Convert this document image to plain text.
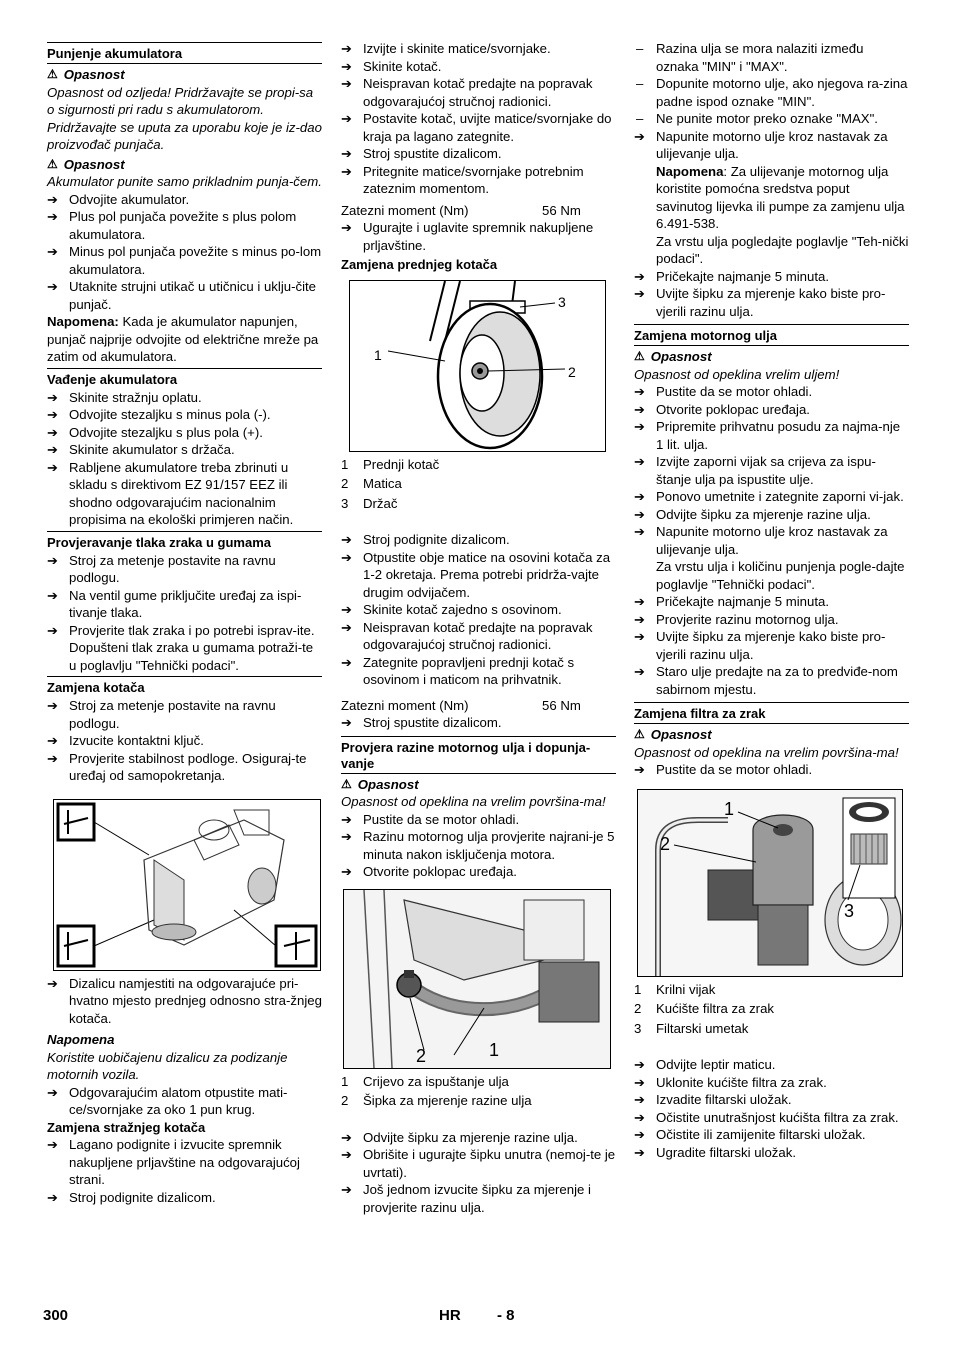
Punjenje akumulatora
⚠ Opasnost
Opasnost od ozljeda! Pridržavajte se propi-sa o sigurnosti pri radu s akumulatorom. Pridržavajte se uputa za uporabu koje je iz-dao proizvođač punjača.
⚠ Opasnost
Akumulator punite samo prikladnim punja-čem.
➔ Odvojite akumulator.
➔ Plus pol punjača povežite s plus polom akumulatora.
➔ Minus pol punjača povežite s minus po-lom akumulatora.
➔ Utaknite strujni utikač u utičnicu i uklju-čite punjač.
Napomena: Kada je akumulator napunjen, punjač najprije odvojite od električne mreže pa zatim od akumulatora.
Vađenje akumulatora
➔ Skinite stražnju oplatu.
➔ Odvojite stezaljku s minus pola (-).
➔ Odvojite stezaljku s plus pola (+).
➔ Skinite akumulator s držača.
➔ Rabljene akumulatore treba zbrinuti u skladu s direktivom EZ 91/157 EEZ ili shodno odgovarajućim nacionalnim propisima na ekološki primjeren način.
Provjeravanje tlaka zraka u gumama
➔ Stroj za metenje postavite na ravnu podlogu.
➔ Na ventil gume priključite uređaj za ispi-tivanje tlaka.
➔ Provjerite tlak zraka i po potrebi isprav-ite.
Dopušteni tlak zraka u gumama potraži-te u poglavlju "Tehnički podaci".
Zamjena kotača
➔ Stroj za metenje postavite na ravnu podlogu.
➔ Izvucite kontaktni ključ.
➔ Provjerite stabilnost podloge. Osiguraj-te uređaj od samopokretanja.
➔ Dizalicu namjestiti na odgovarajuće pri-hvatno mjesto prednjeg odnosno stra-žnjeg kotača.
Napomena
Koristite uobičajenu dizalicu za podizanje motornih vozila.
➔ Odgovarajućim alatom otpustite mati-ce/svornjake za oko 1 pun krug.
Zamjena stražnjeg kotača
➔ Lagano podignite i izvucite spremnik nakupljene prljavštine na odgovarajućoj strani.
➔ Stroj podignite dizalicom.
➔ Izvijte i skinite matice/svornjake.
➔ Skinite kotač.
➔ Neispravan kotač predajte na popravak odgovarajućoj stručnoj radionici.
➔ Postavite kotač, uvijte matice/svornjake do kraja pa lagano zategnite.
➔ Stroj spustite dizalicom.
➔ Pritegnite matice/svornjake potrebnim zateznim momentom.
Zatezni moment (Nm)	56 Nm
➔ Ugurajte i uglavite spremnik nakupljene prljavštine.
Zamjena prednjeg kotača
1
2
3
1	Prednji kotač
2	Matica
3	Držač
➔ Stroj podignite dizalicom.
➔ Otpustite obje matice na osovini kotača za 1-2 okretaja. Prema potrebi pridrža-vajte drugim odvijačem.
➔ Skinite kotač zajedno s osovinom.
➔ Neispravan kotač predajte na popravak odgovarajućoj stručnoj radionici.
➔ Zategnite popravljeni prednji kotač s osovinom i maticom na prihvatnik.
Zatezni moment (Nm)	56 Nm
➔ Stroj spustite dizalicom.
Provjera razine motornog ulja i dopunja-vanje
⚠ Opasnost
Opasnost od opeklina na vrelim površina-ma!
➔ Pustite da se motor ohladi.
➔ Razinu motornog ulja provjerite najrani-je 5 minuta nakon isključenja motora.
➔ Otvorite poklopac uređaja.
2	1
1	Crijevo za ispuštanje ulja
2	Šipka za mjerenje razine ulja
➔ Odvijte šipku za mjerenje razine ulja.
➔ Obrišite i ugurajte šipku unutra (nemoj-te je uvrtati).
➔ Još jednom izvucite šipku za mjerenje i provjerite razinu ulja.
– Razina ulja se mora nalaziti između oznaka "MIN" i "MAX".
– Dopunite motorno ulje, ako njegova ra-zina padne ispod oznake "MIN".
– Ne punite motor preko oznake "MAX".
➔ Napunite motorno ulje kroz nastavak za ulijevanje ulja.
Napomena: Za ulijevanje motornog ulja koristite pomoćna sredstva poput savinutog lijevka ili pumpe za zamjenu ulja 6.491-538.
Za vrstu ulja pogledajte poglavlje "Teh-nički podaci".
➔ Pričekajte najmanje 5 minuta.
➔ Uvijte šipku za mjerenje kako biste pro-vjerili razinu ulja.
Zamjena motornog ulja
⚠ Opasnost
Opasnost od opeklina vrelim uljem!
➔ Pustite da se motor ohladi.
➔ Otvorite poklopac uređaja.
➔ Pripremite prihvatnu posudu za najma-nje 1 lit. ulja.
➔ Izvijte zaporni vijak sa crijeva za ispu-štanje ulja pa ispustite ulje.
➔ Ponovo umetnite i zategnite zaporni vi-jak.
➔ Odvijte šipku za mjerenje razine ulja.
➔ Napunite motorno ulje kroz nastavak za ulijevanje ulja.
Za vrstu ulja i količinu punjenja pogle-dajte poglavlje "Tehnički podaci".
➔ Pričekajte najmanje 5 minuta.
➔ Provjerite razinu motornog ulja.
➔ Uvijte šipku za mjerenje kako biste pro-vjerili razinu ulja.
➔ Staro ulje predajte na za to predviđe-nom sabirnom mjestu.
Zamjena filtra za zrak
⚠ Opasnost
Opasnost od opeklina na vrelim površina-ma!
➔ Pustite da se motor ohladi.
1
2
3
1	Krilni vijak
2	Kućište filtra za zrak
3	Filtarski umetak
➔ Odvijte leptir maticu.
➔ Uklonite kućište filtra za zrak.
➔ Izvadite filtarski uložak.
➔ Očistite unutrašnjost kućišta filtra za zrak.
➔ Očistite ili zamijenite filtarski uložak.
➔ Ugradite filtarski uložak.
300	HR - 8
